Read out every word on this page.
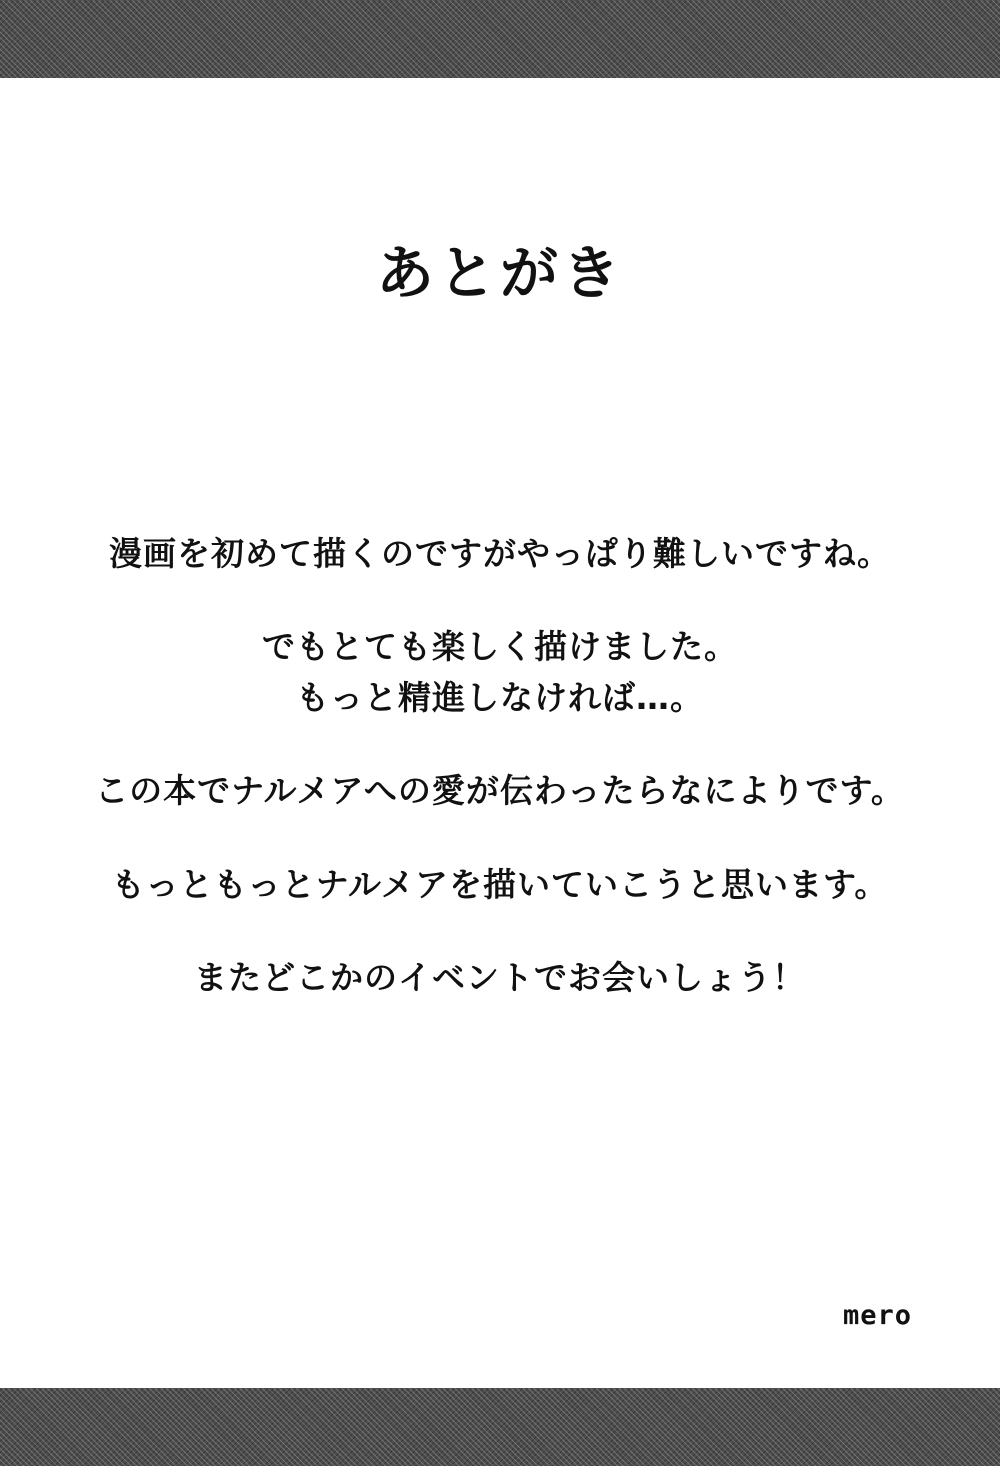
あとがき

漫画を初めて描くのですがやっぱり難しいですね。

でもとても楽しく描けました。
もっと精進しなければ…。

この本でナルメアへの愛が伝わったらなによりです。

もっともっとナルメアを描いていこうと思います。

またどこかのイベントでお会いしょう！

mero
